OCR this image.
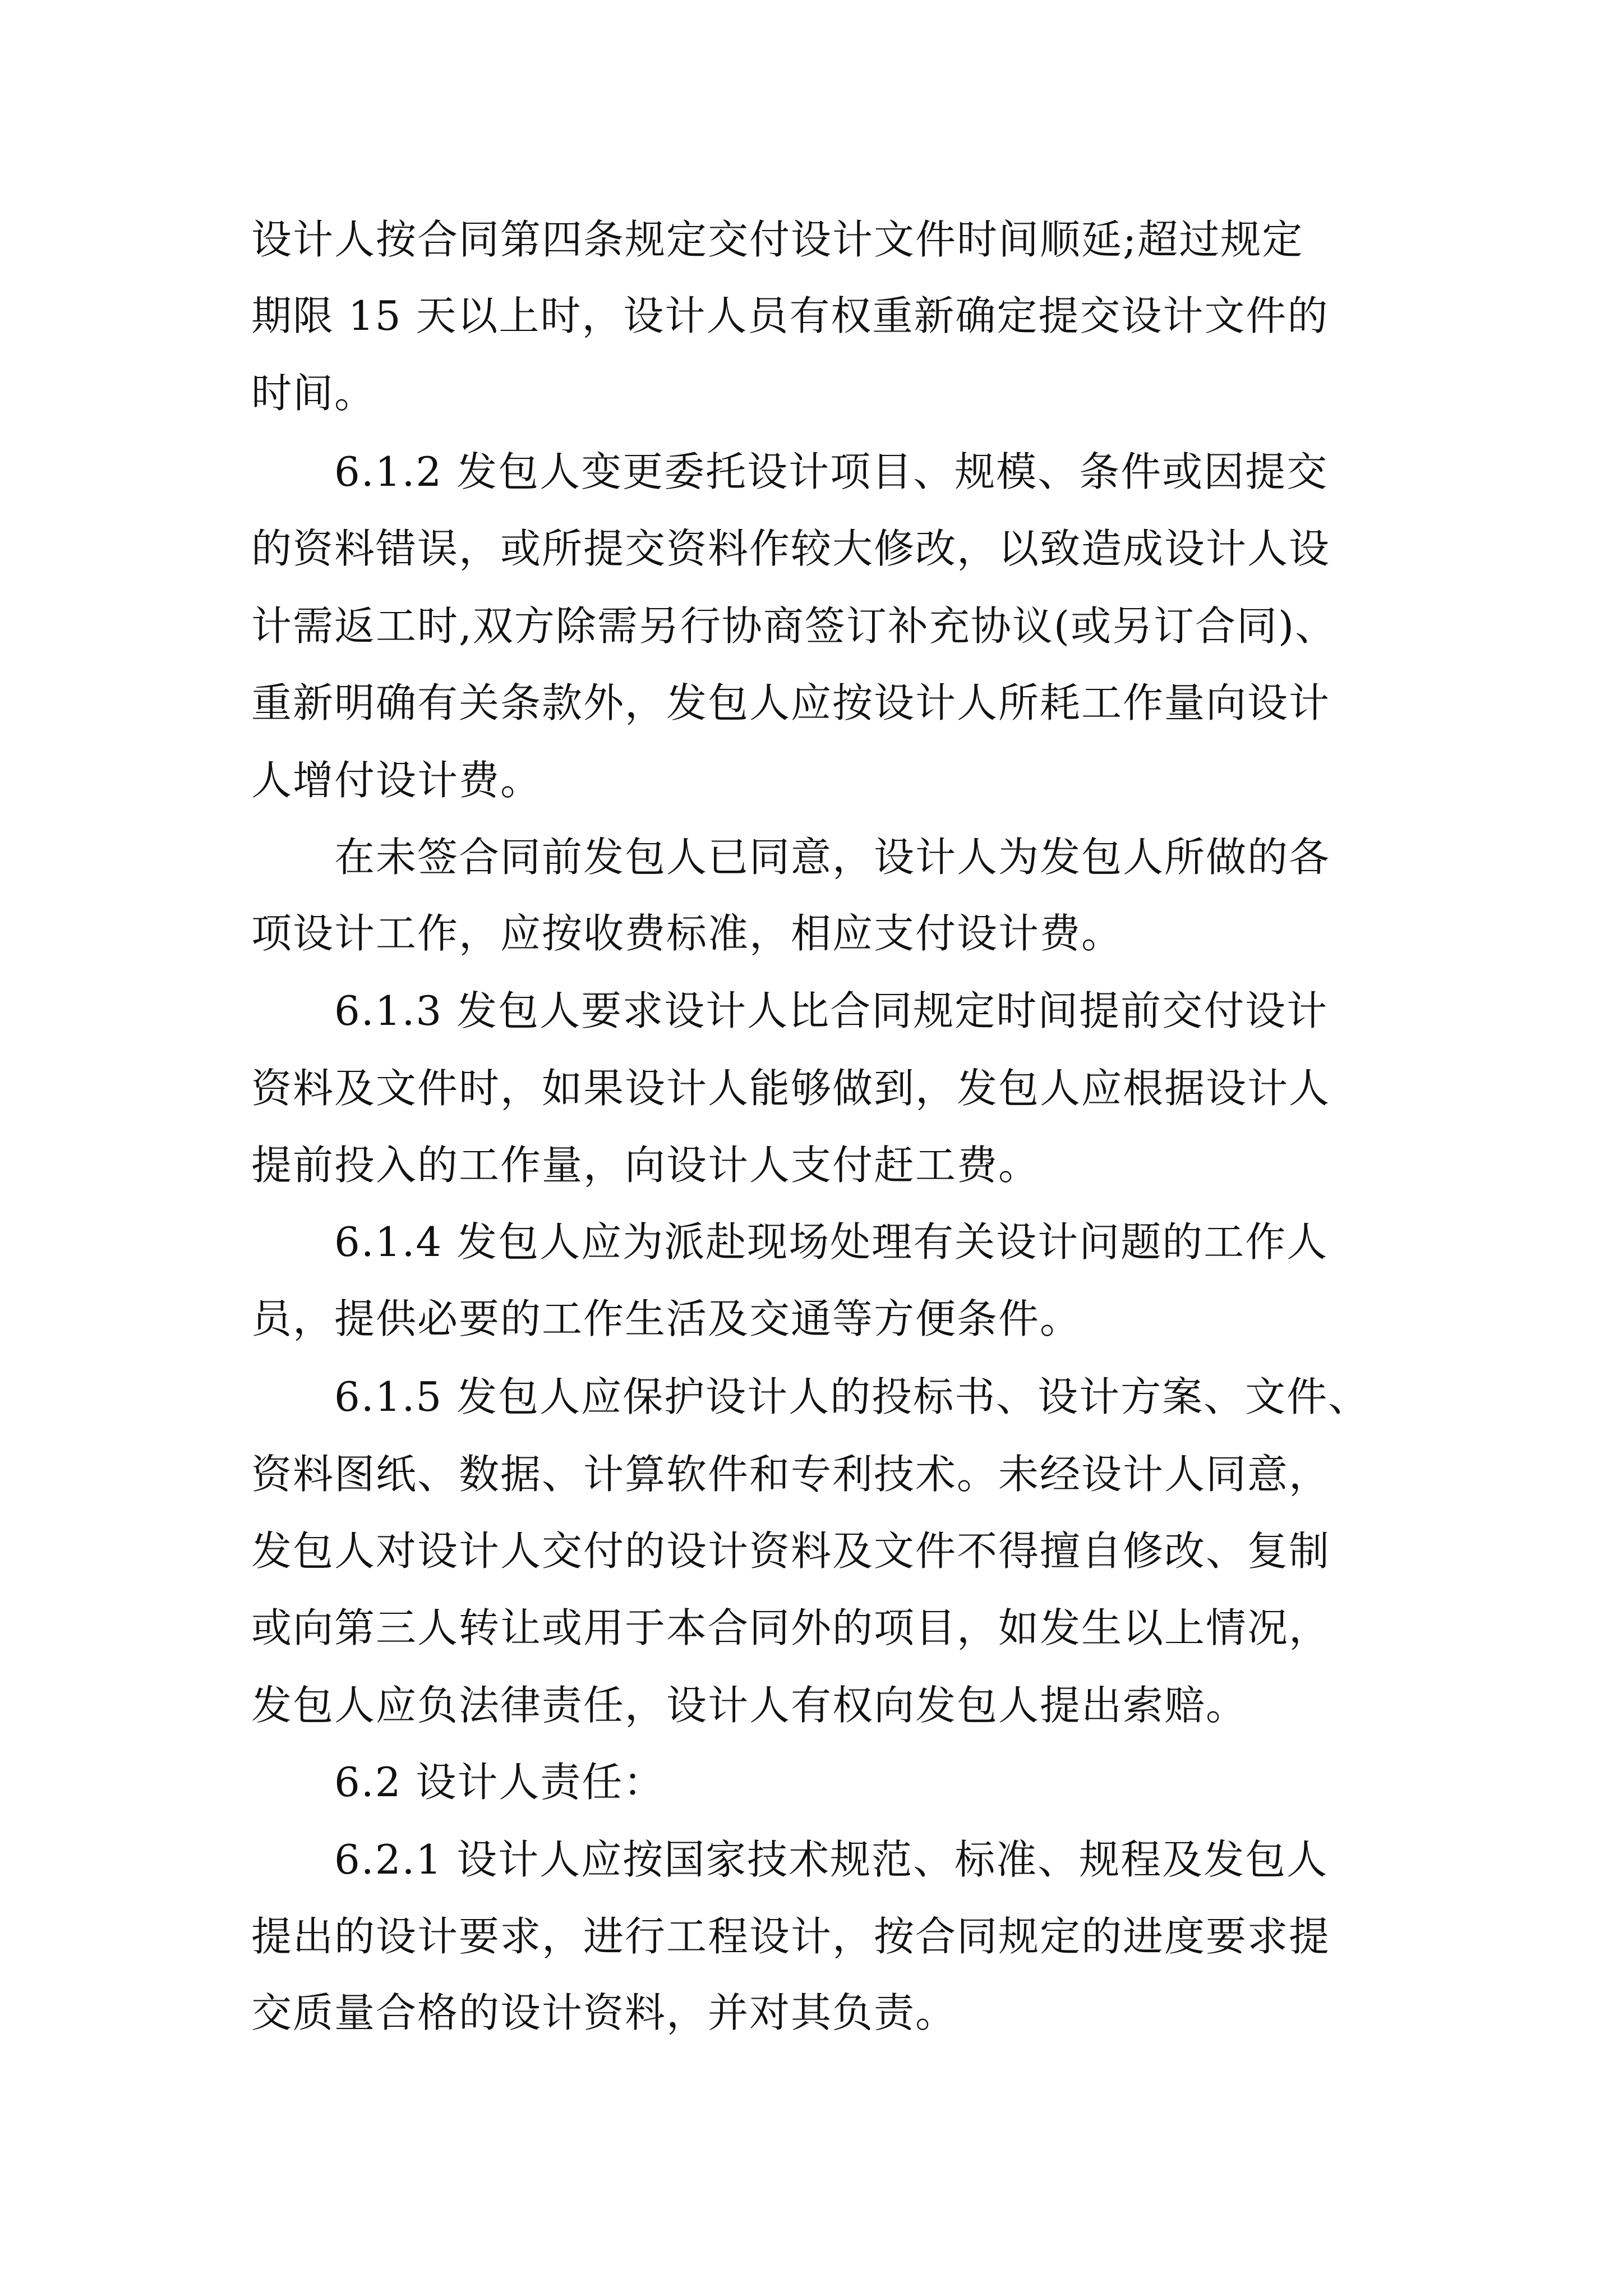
设计人按合同第四条规定交付设计文件时间顺延;超过规定
期限 15 天以上时，设计人员有权重新确定提交设计文件的
时间。
6.1.2 发包人变更委托设计项目、规模、条件或因提交
的资料错误，或所提交资料作较大修改，以致造成设计人设
计需返工时,双方除需另行协商签订补充协议(或另订合同)、
重新明确有关条款外，发包人应按设计人所耗工作量向设计
人增付设计费。
在未签合同前发包人已同意，设计人为发包人所做的各
项设计工作，应按收费标准，相应支付设计费。
6.1.3 发包人要求设计人比合同规定时间提前交付设计
资料及文件时，如果设计人能够做到，发包人应根据设计人
提前投入的工作量，向设计人支付赶工费。
6.1.4 发包人应为派赴现场处理有关设计问题的工作人
员，提供必要的工作生活及交通等方便条件。
6.1.5 发包人应保护设计人的投标书、设计方案、文件、
资料图纸、数据、计算软件和专利技术。未经设计人同意，
发包人对设计人交付的设计资料及文件不得擅自修改、复制
或向第三人转让或用于本合同外的项目，如发生以上情况，
发包人应负法律责任，设计人有权向发包人提出索赔。
6.2 设计人责任：
6.2.1 设计人应按国家技术规范、标准、规程及发包人
提出的设计要求，进行工程设计，按合同规定的进度要求提
交质量合格的设计资料，并对其负责。
